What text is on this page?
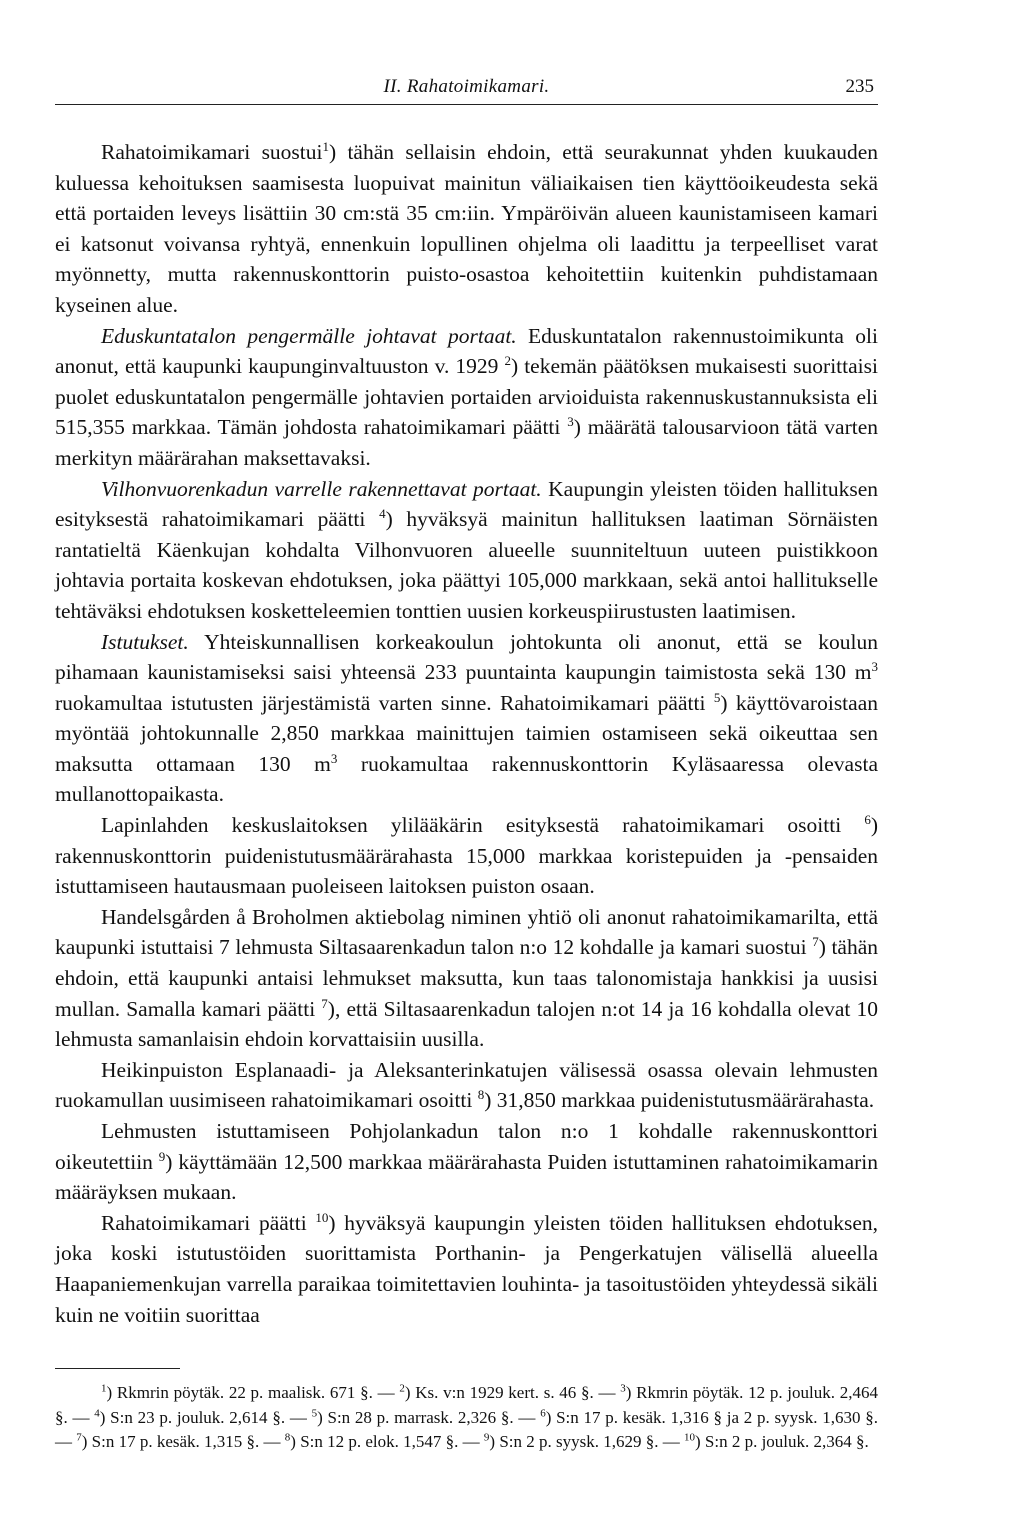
II. Rahatoimikamari.	235

Rahatoimikamari suostui$^1$) tähän sellaisin ehdoin, että seurakunnat yhden kuukauden kuluessa kehoituksen saamisesta luopuivat mainitun väliaikaisen tien käyttöoikeudesta sekä että portaiden leveys lisättiin 30 cm:stä 35 cm:iin. Ympäröivän alueen kaunistamiseen kamari ei katsonut voivansa ryhtyä, ennenkuin lopullinen ohjelma oli laadittu ja terpeelliset varat myönnetty, mutta rakennuskonttorin puisto-osastoa kehoitettiin kuitenkin puhdistamaan kyseinen alue.

Eduskuntatalon pengermälle johtavat portaat. Eduskuntatalon rakennustoimikunta oli anonut, että kaupunki kaupunginvaltuuston v. 1929 $^2$) tekemän päätöksen mukaisesti suorittaisi puolet eduskuntatalon pengermälle johtavien portaiden arvioiduista rakennuskustannuksista eli 515,355 markkaa. Tämän johdosta rahatoimikamari päätti $^3$) määrätä talousarvioon tätä varten merkityn määrärahan maksettavaksi.

Vilhonvuorenkadun varrelle rakennettavat portaat. Kaupungin yleisten töiden hallituksen esityksestä rahatoimikamari päätti $^4$) hyväksyä mainitun hallituksen laatiman Sörnäisten rantatieltä Käenkujan kohdalta Vilhonvuoren alueelle suunniteltuun uuteen puistikkoon johtavia portaita koskevan ehdotuksen, joka päättyi 105,000 markkaan, sekä antoi hallitukselle tehtäväksi ehdotuksen kosketteleemien tonttien uusien korkeuspiirustusten laatimisen.

Istutukset. Yhteiskunnallisen korkeakoulun johtokunta oli anonut, että se koulun pihamaan kaunistamiseksi saisi yhteensä 233 puuntainta kaupungin taimistosta sekä 130 $m^3$ ruokamultaa istutusten järjestämistä varten sinne. Rahatoimikamari päätti $^5$) käyttövaroistaan myöntää johtokunnalle 2,850 markkaa mainittujen taimien ostamiseen sekä oikeuttaa sen maksutta ottamaan 130 $m^3$ ruokamultaa rakennuskonttorin Kyläsaaressa olevasta mullanottopaikasta.

Lapinlahden keskuslaitoksen ylilääkärin esityksestä rahatoimikamari osoitti $^6$) rakennuskonttorin puidenistutusmäärärahasta 15,000 markkaa koristepuiden ja -pensaiden istuttamiseen hautausmaan puoleiseen laitoksen puiston osaan.

Handelsgården å Broholmen aktiebolag niminen yhtiö oli anonut rahatoimikamarilta, että kaupunki istuttaisi 7 lehmusta Siltasaarenkadun talon n:o 12 kohdalle ja kamari suostui $^7$) tähän ehdoin, että kaupunki antaisi lehmukset maksutta, kun taas talonomistaja hankkisi ja uusisi mullan. Samalla kamari päätti $^7$), että Siltasaarenkadun talojen n:ot 14 ja 16 kohdalla olevat 10 lehmusta samanlaisin ehdoin korvattaisiin uusilla.

Heikinpuiston Esplanaadi- ja Aleksanterinkatujen välisessä osassa olevain lehmusten ruokamullan uusimiseen rahatoimikamari osoitti $^8$) 31,850 markkaa puidenistutusmäärärahasta.

Lehmusten istuttamiseen Pohjolankadun talon n:o 1 kohdalle rakennuskonttori oikeutettiin $^9$) käyttämään 12,500 markkaa määrärahasta Puiden istuttaminen rahatoimikamarin määräyksen mukaan.

Rahatoimikamari päätti $^{10}$) hyväksyä kaupungin yleisten töiden hallituksen ehdotuksen, joka koski istutustöiden suorittamista Porthanin- ja Pengerkatujen välisellä alueella Haapaniemenkujan varrella paraikaa toimitettavien louhinta- ja tasoitustöiden yhteydessä sikäli kuin ne voitiin suorittaa

$^1$) Rkmrin pöytäk. 22 p. maalisk. 671 §. — $^2$) Ks. v:n 1929 kert. s. 46 §. — $^3$) Rkmrin pöytäk. 12 p. jouluk. 2,464 §. — $^4$) S:n 23 p. jouluk. 2,614 §. — $^5$) S:n 28 p. marrask. 2,326 §. — $^6$) S:n 17 p. kesäk. 1,316 § ja 2 p. syysk. 1,630 §. — $^7$) S:n 17 p. kesäk. 1,315 §. — $^8$) S:n 12 p. elok. 1,547 §. — $^9$) S:n 2 p. syysk. 1,629 §. — $^{10}$) S:n 2 p. jouluk. 2,364 §.
